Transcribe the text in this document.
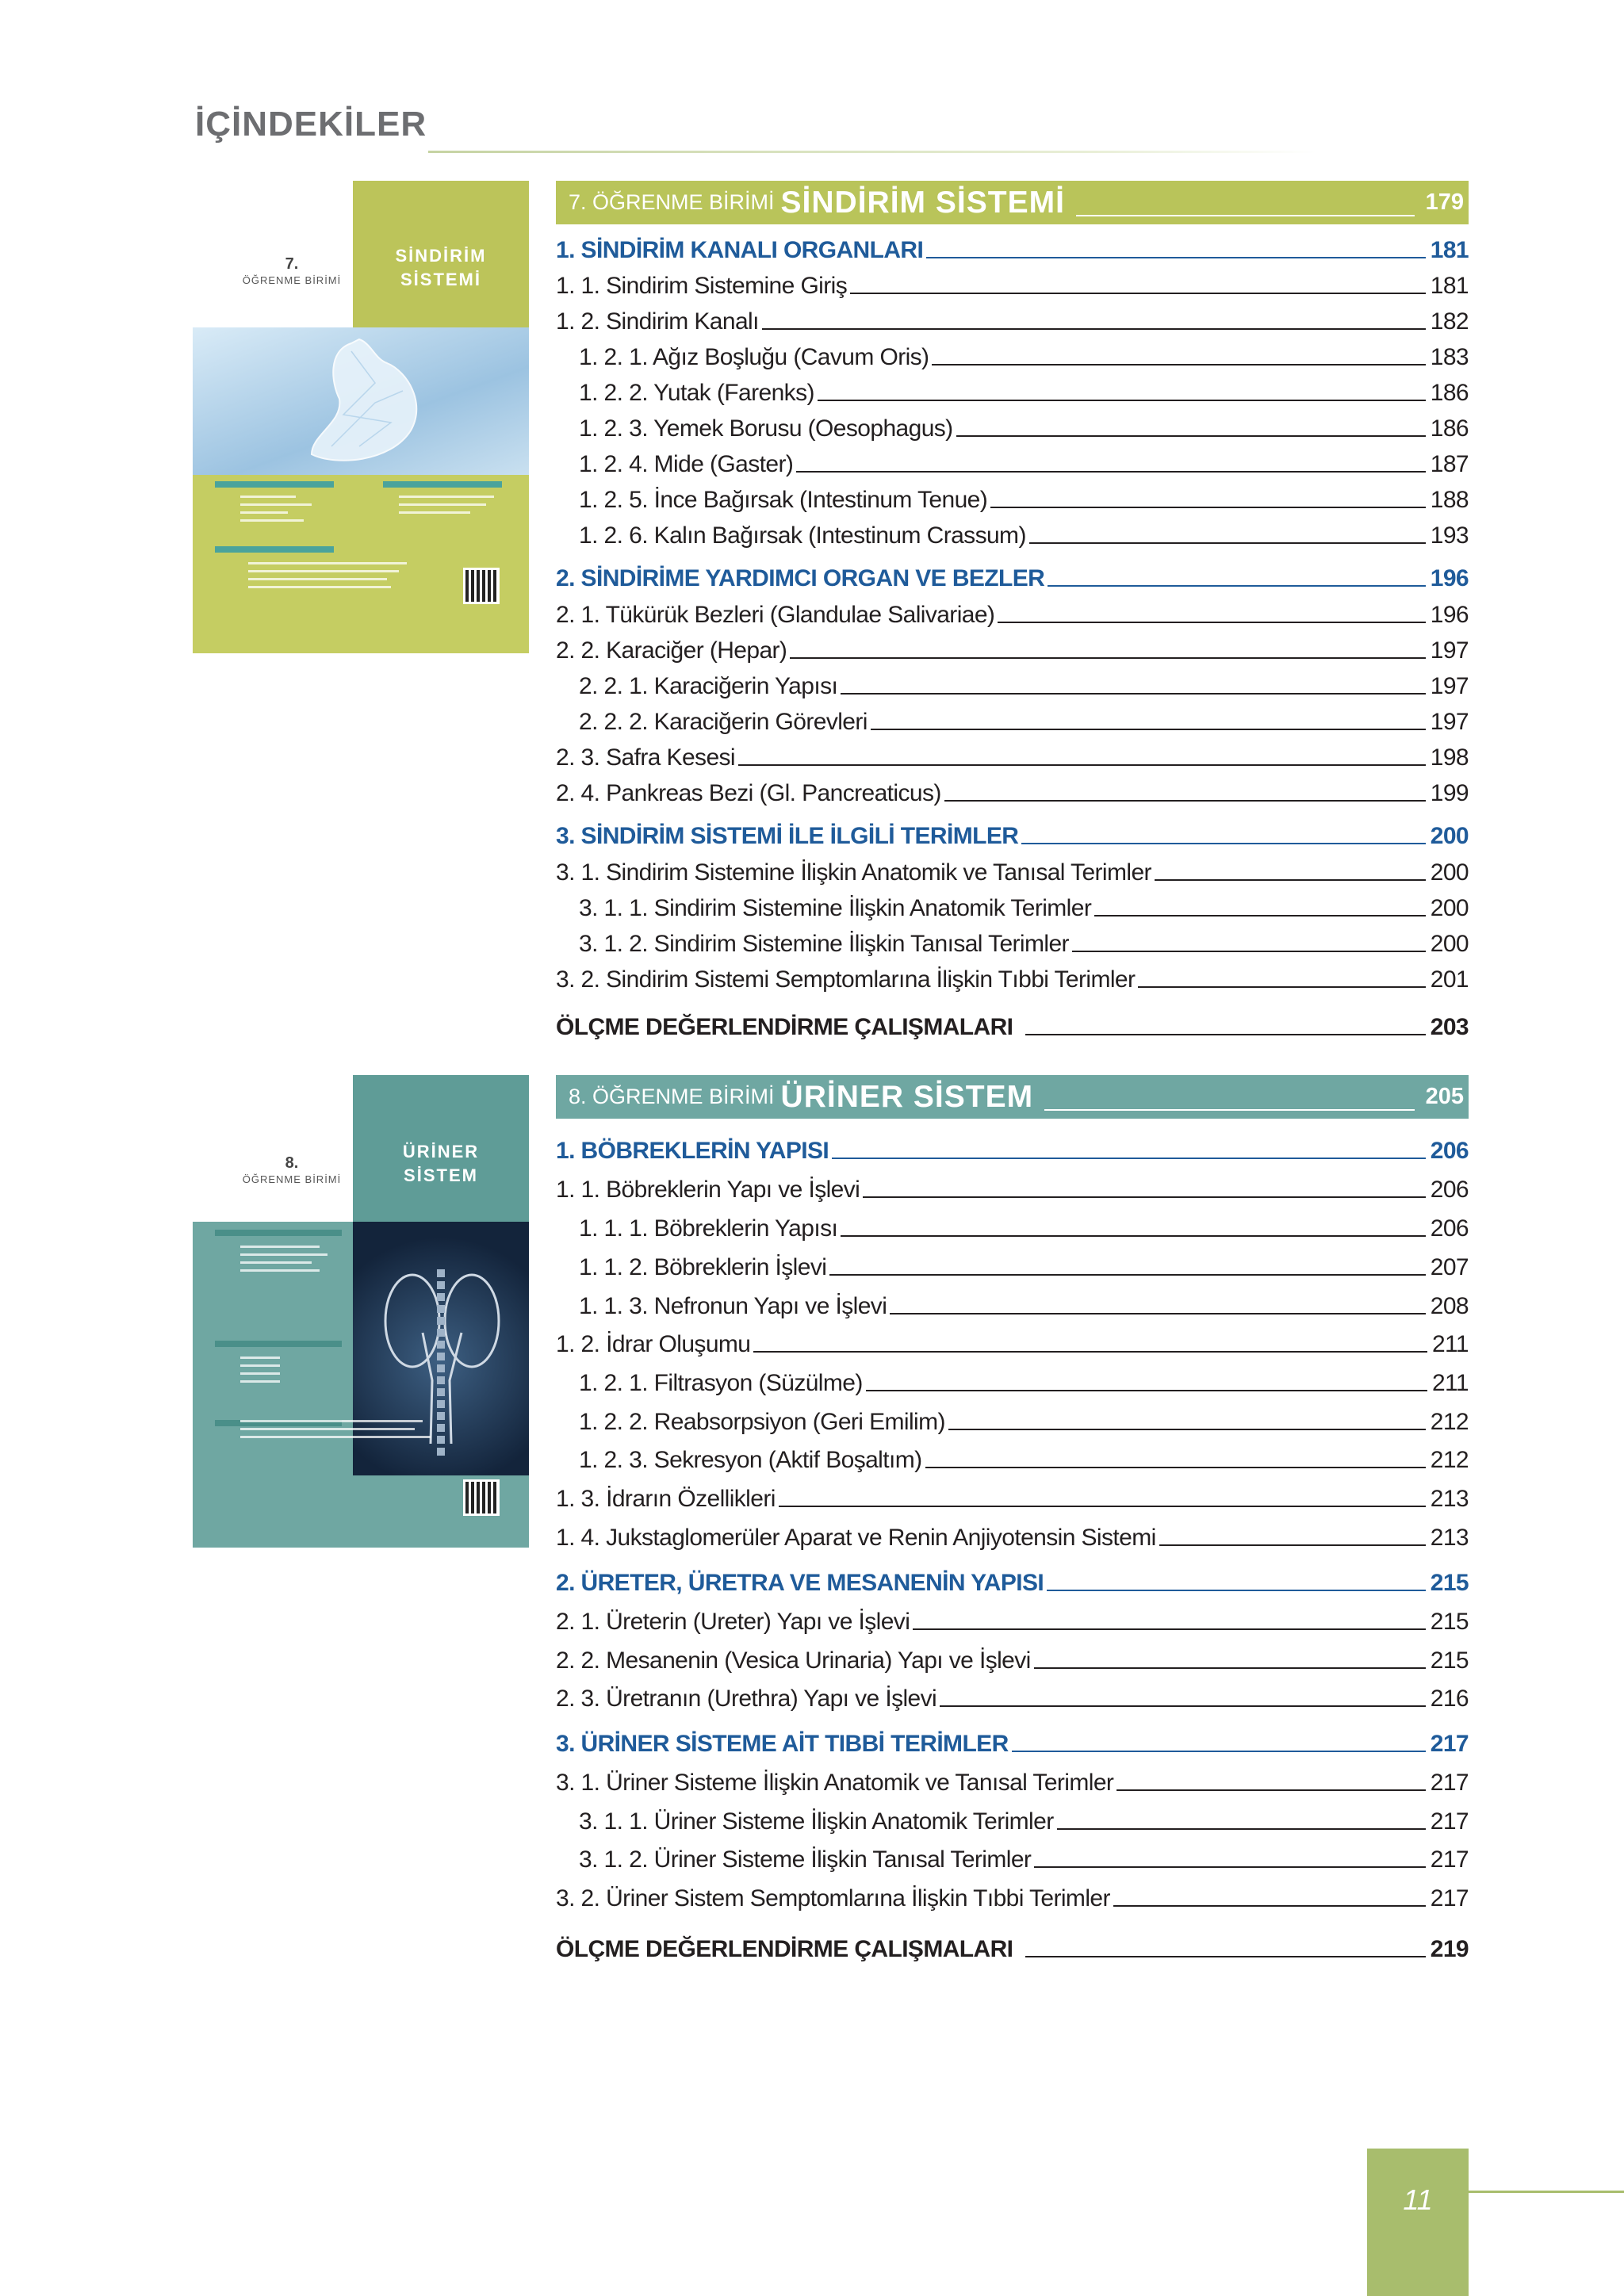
İÇİNDEKİLER
7.
ÖĞRENME BİRİMİ
SİNDİRİM
SİSTEMİ
8.
ÖĞRENME BİRİMİ
ÜRİNER
SİSTEM
7. ÖĞRENME BİRİMİ SİNDİRİM SİSTEMİ	179
1. SİNDİRİM KANALI ORGANLARI	181
1. 1. Sindirim Sistemine Giriş	181
1. 2. Sindirim Kanalı	182
1. 2. 1. Ağız Boşluğu (Cavum Oris)	183
1. 2. 2. Yutak (Farenks)	186
1. 2. 3. Yemek Borusu (Oesophagus)	186
1. 2. 4. Mide (Gaster)	187
1. 2. 5. İnce Bağırsak (Intestinum Tenue)	188
1. 2. 6. Kalın Bağırsak (Intestinum Crassum)	193
2. SİNDİRİME YARDIMCI ORGAN VE BEZLER	196
2. 1. Tükürük Bezleri (Glandulae Salivariae)	196
2. 2. Karaciğer (Hepar)	197
2. 2. 1. Karaciğerin Yapısı	197
2. 2. 2. Karaciğerin Görevleri	197
2. 3. Safra Kesesi	198
2. 4. Pankreas Bezi (Gl. Pancreaticus)	199
3. SİNDİRİM SİSTEMİ İLE İLGİLİ TERİMLER	200
3. 1. Sindirim Sistemine İlişkin Anatomik ve Tanısal Terimler	200
3. 1. 1. Sindirim Sistemine İlişkin Anatomik Terimler	200
3. 1. 2. Sindirim Sistemine İlişkin Tanısal Terimler	200
3. 2. Sindirim Sistemi Semptomlarına İlişkin Tıbbi Terimler	201
ÖLÇME DEĞERLENDİRME ÇALIŞMALARI	203
8. ÖĞRENME BİRİMİ ÜRİNER SİSTEM	205
1. BÖBREKLERİN YAPISI	206
1. 1. Böbreklerin Yapı ve İşlevi	206
1. 1. 1. Böbreklerin Yapısı	206
1. 1. 2. Böbreklerin İşlevi	207
1. 1. 3. Nefronun Yapı ve İşlevi	208
1. 2. İdrar Oluşumu	211
1. 2. 1. Filtrasyon (Süzülme)	211
1. 2. 2. Reabsorpsiyon (Geri Emilim)	212
1. 2. 3. Sekresyon (Aktif Boşaltım)	212
1. 3. İdrarın Özellikleri	213
1. 4. Jukstaglomerüler Aparat ve Renin Anjiyotensin Sistemi	213
2. ÜRETER, ÜRETRA VE MESANENİN YAPISI	215
2. 1. Üreterin (Ureter) Yapı ve İşlevi	215
2. 2. Mesanenin (Vesica Urinaria) Yapı ve İşlevi	215
2. 3. Üretranın (Urethra) Yapı ve İşlevi	216
3. ÜRİNER SİSTEME AİT TIBBİ TERİMLER	217
3. 1. Üriner Sisteme İlişkin Anatomik ve Tanısal Terimler	217
3. 1. 1. Üriner Sisteme İlişkin Anatomik Terimler	217
3. 1. 2. Üriner Sisteme İlişkin Tanısal Terimler	217
3. 2. Üriner Sistem Semptomlarına İlişkin Tıbbi Terimler	217
ÖLÇME DEĞERLENDİRME ÇALIŞMALARI	219
11
